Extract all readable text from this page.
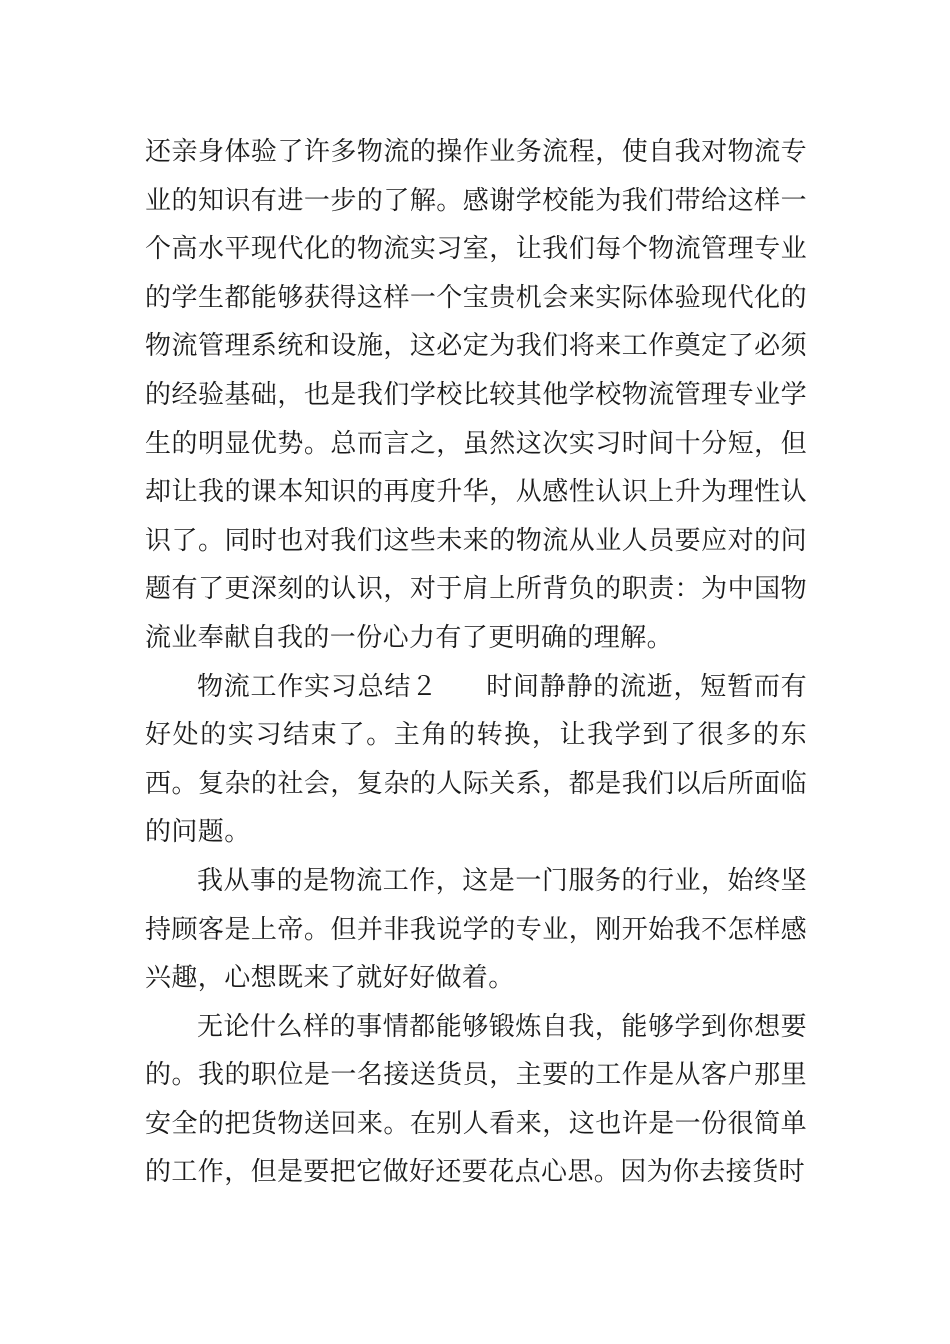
还亲身体验了许多物流的操作业务流程，使自我对物流专业的知识有进一步的了解。感谢学校能为我们带给这样一个高水平现代化的物流实习室，让我们每个物流管理专业的学生都能够获得这样一个宝贵机会来实际体验现代化的物流管理系统和设施，这必定为我们将来工作奠定了必须的经验基础，也是我们学校比较其他学校物流管理专业学生的明显优势。总而言之，虽然这次实习时间十分短，但却让我的课本知识的再度升华，从感性认识上升为理性认识了。同时也对我们这些未来的物流从业人员要应对的问题有了更深刻的认识，对于肩上所背负的职责：为中国物流业奉献自我的一份心力有了更明确的理解。

物流工作实习总结２ 时间静静的流逝，短暂而有好处的实习结束了。主角的转换，让我学到了很多的东西。复杂的社会，复杂的人际关系，都是我们以后所面临的问题。

我从事的是物流工作，这是一门服务的行业，始终坚持顾客是上帝。但并非我说学的专业，刚开始我不怎样感兴趣，心想既来了就好好做着。

无论什么样的事情都能够锻炼自我，能够学到你想要的。我的职位是一名接送货员，主要的工作是从客户那里安全的把货物送回来。在别人看来，这也许是一份很简单的工作，但是要把它做好还要花点心思。因为你去接货时
